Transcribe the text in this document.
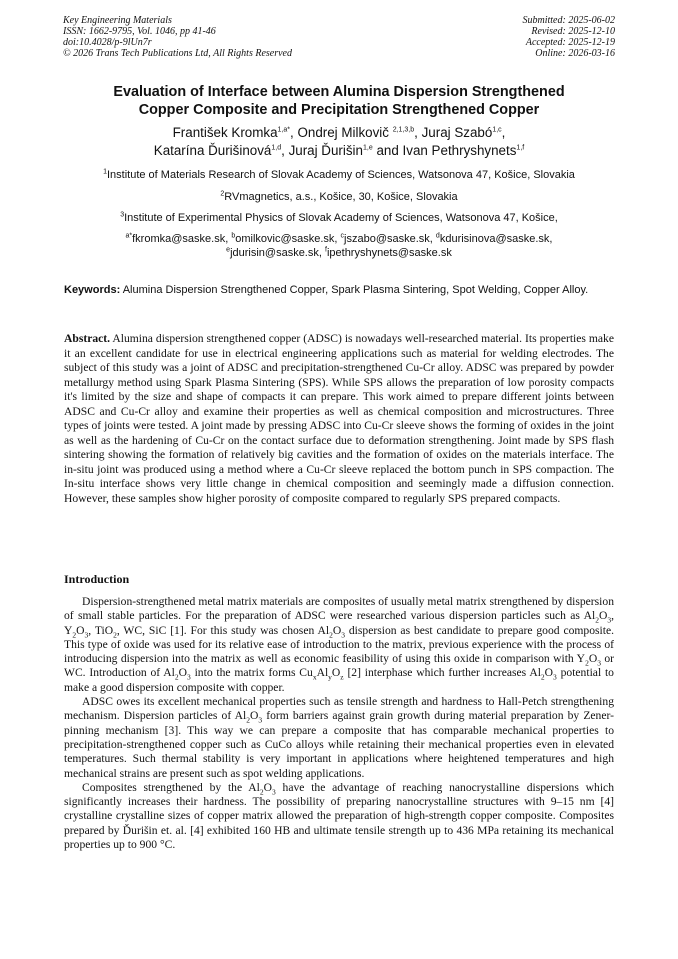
Key Engineering Materials
ISSN: 1662-9795, Vol. 1046, pp 41-46
doi:10.4028/p-9lUn7r
© 2026 Trans Tech Publications Ltd, All Rights Reserved
Submitted: 2025-06-02
Revised: 2025-12-10
Accepted: 2025-12-19
Online: 2026-03-16
Evaluation of Interface between Alumina Dispersion Strengthened
Copper Composite and Precipitation Strengthened Copper
František Kromka$^{1,a*}$, Ondrej Milkovič $^{2,1,3,b}$, Juraj Szabó$^{1,c}$,
Katarína Ďurišinová$^{1,d}$, Juraj Ďurišin$^{1,e}$ and Ivan Pethryshynets$^{1,f}$
$^1$Institute of Materials Research of Slovak Academy of Sciences, Watsonova 47, Košice, Slovakia
$^2$RVmagnetics, a.s., Košice, 30, Košice, Slovakia
$^3$Institute of Experimental Physics of Slovak Academy of Sciences, Watsonova 47, Košice,
$^{a*}$fkromka@saske.sk, $^b$omilkovic@saske.sk, $^c$jszabo@saske.sk, $^d$kdurisinova@saske.sk,
$^e$jdurisin@saske.sk, $^f$ipethryshynets@saske.sk
Keywords: Alumina Dispersion Strengthened Copper, Spark Plasma Sintering, Spot Welding, Copper Alloy.
Abstract. Alumina dispersion strengthened copper (ADSC) is nowadays well-researched material. Its properties make it an excellent candidate for use in electrical engineering applications such as material for welding electrodes. The subject of this study was a joint of ADSC and precipitation-strengthened Cu-Cr alloy. ADSC was prepared by powder metallurgy method using Spark Plasma Sintering (SPS). While SPS allows the preparation of low porosity compacts it's limited by the size and shape of compacts it can prepare. This work aimed to prepare different joints between ADSC and Cu-Cr alloy and examine their properties as well as chemical composition and microstructures. Three types of joints were tested. A joint made by pressing ADSC into Cu-Cr sleeve shows the forming of oxides in the joint as well as the hardening of Cu-Cr on the contact surface due to deformation strengthening. Joint made by SPS flash sintering showing the formation of relatively big cavities and the formation of oxides on the materials interface. The in-situ joint was produced using a method where a Cu-Cr sleeve replaced the bottom punch in SPS compaction. The In-situ interface shows very little change in chemical composition and seemingly made a diffusion connection. However, these samples show higher porosity of composite compared to regularly SPS prepared compacts.
Introduction

Dispersion-strengthened metal matrix materials are composites of usually metal matrix strengthened by dispersion of small stable particles. For the preparation of ADSC were researched various dispersion particles such as $Al_2O_3$, $Y_2O_3$, TiO$_2$, WC, SiC [1]. For this study was chosen $Al_2O_3$ dispersion as best candidate to prepare good composite. This type of oxide was used for its relative ease of introduction to the matrix, previous experience with the process of introducing dispersion into the matrix as well as economic feasibility of using this oxide in comparison with $Y_2O_3$ or WC. Introduction of $Al_2O_3$ into the matrix forms $Cu_xAl_yO_z$ [2] interphase which further increases $Al_2O_3$ potential to make a good dispersion composite with copper.

ADSC owes its excellent mechanical properties such as tensile strength and hardness to Hall-Petch strengthening mechanism. Dispersion particles of $Al_2O_3$ form barriers against grain growth during material preparation by Zener-pinning mechanism [3]. This way we can prepare a composite that has comparable mechanical properties to precipitation-strengthened copper such as CuCo alloys while retaining their mechanical properties even in elevated temperatures. Such thermal stability is very important in applications where heightened temperatures and high mechanical strains are present such as spot welding applications.

Composites strengthened by the $Al_2O_3$ have the advantage of reaching nanocrystalline dispersions which significantly increases their hardness. The possibility of preparing nanocrystalline structures with 9–15 nm [4] crystalline crystalline sizes of copper matrix allowed the preparation of high-strength copper composite. Composites prepared by Ďurišin et. al. [4] exhibited 160 HB and ultimate tensile strength up to 436 MPa retaining its mechanical properties up to 900 °C.
